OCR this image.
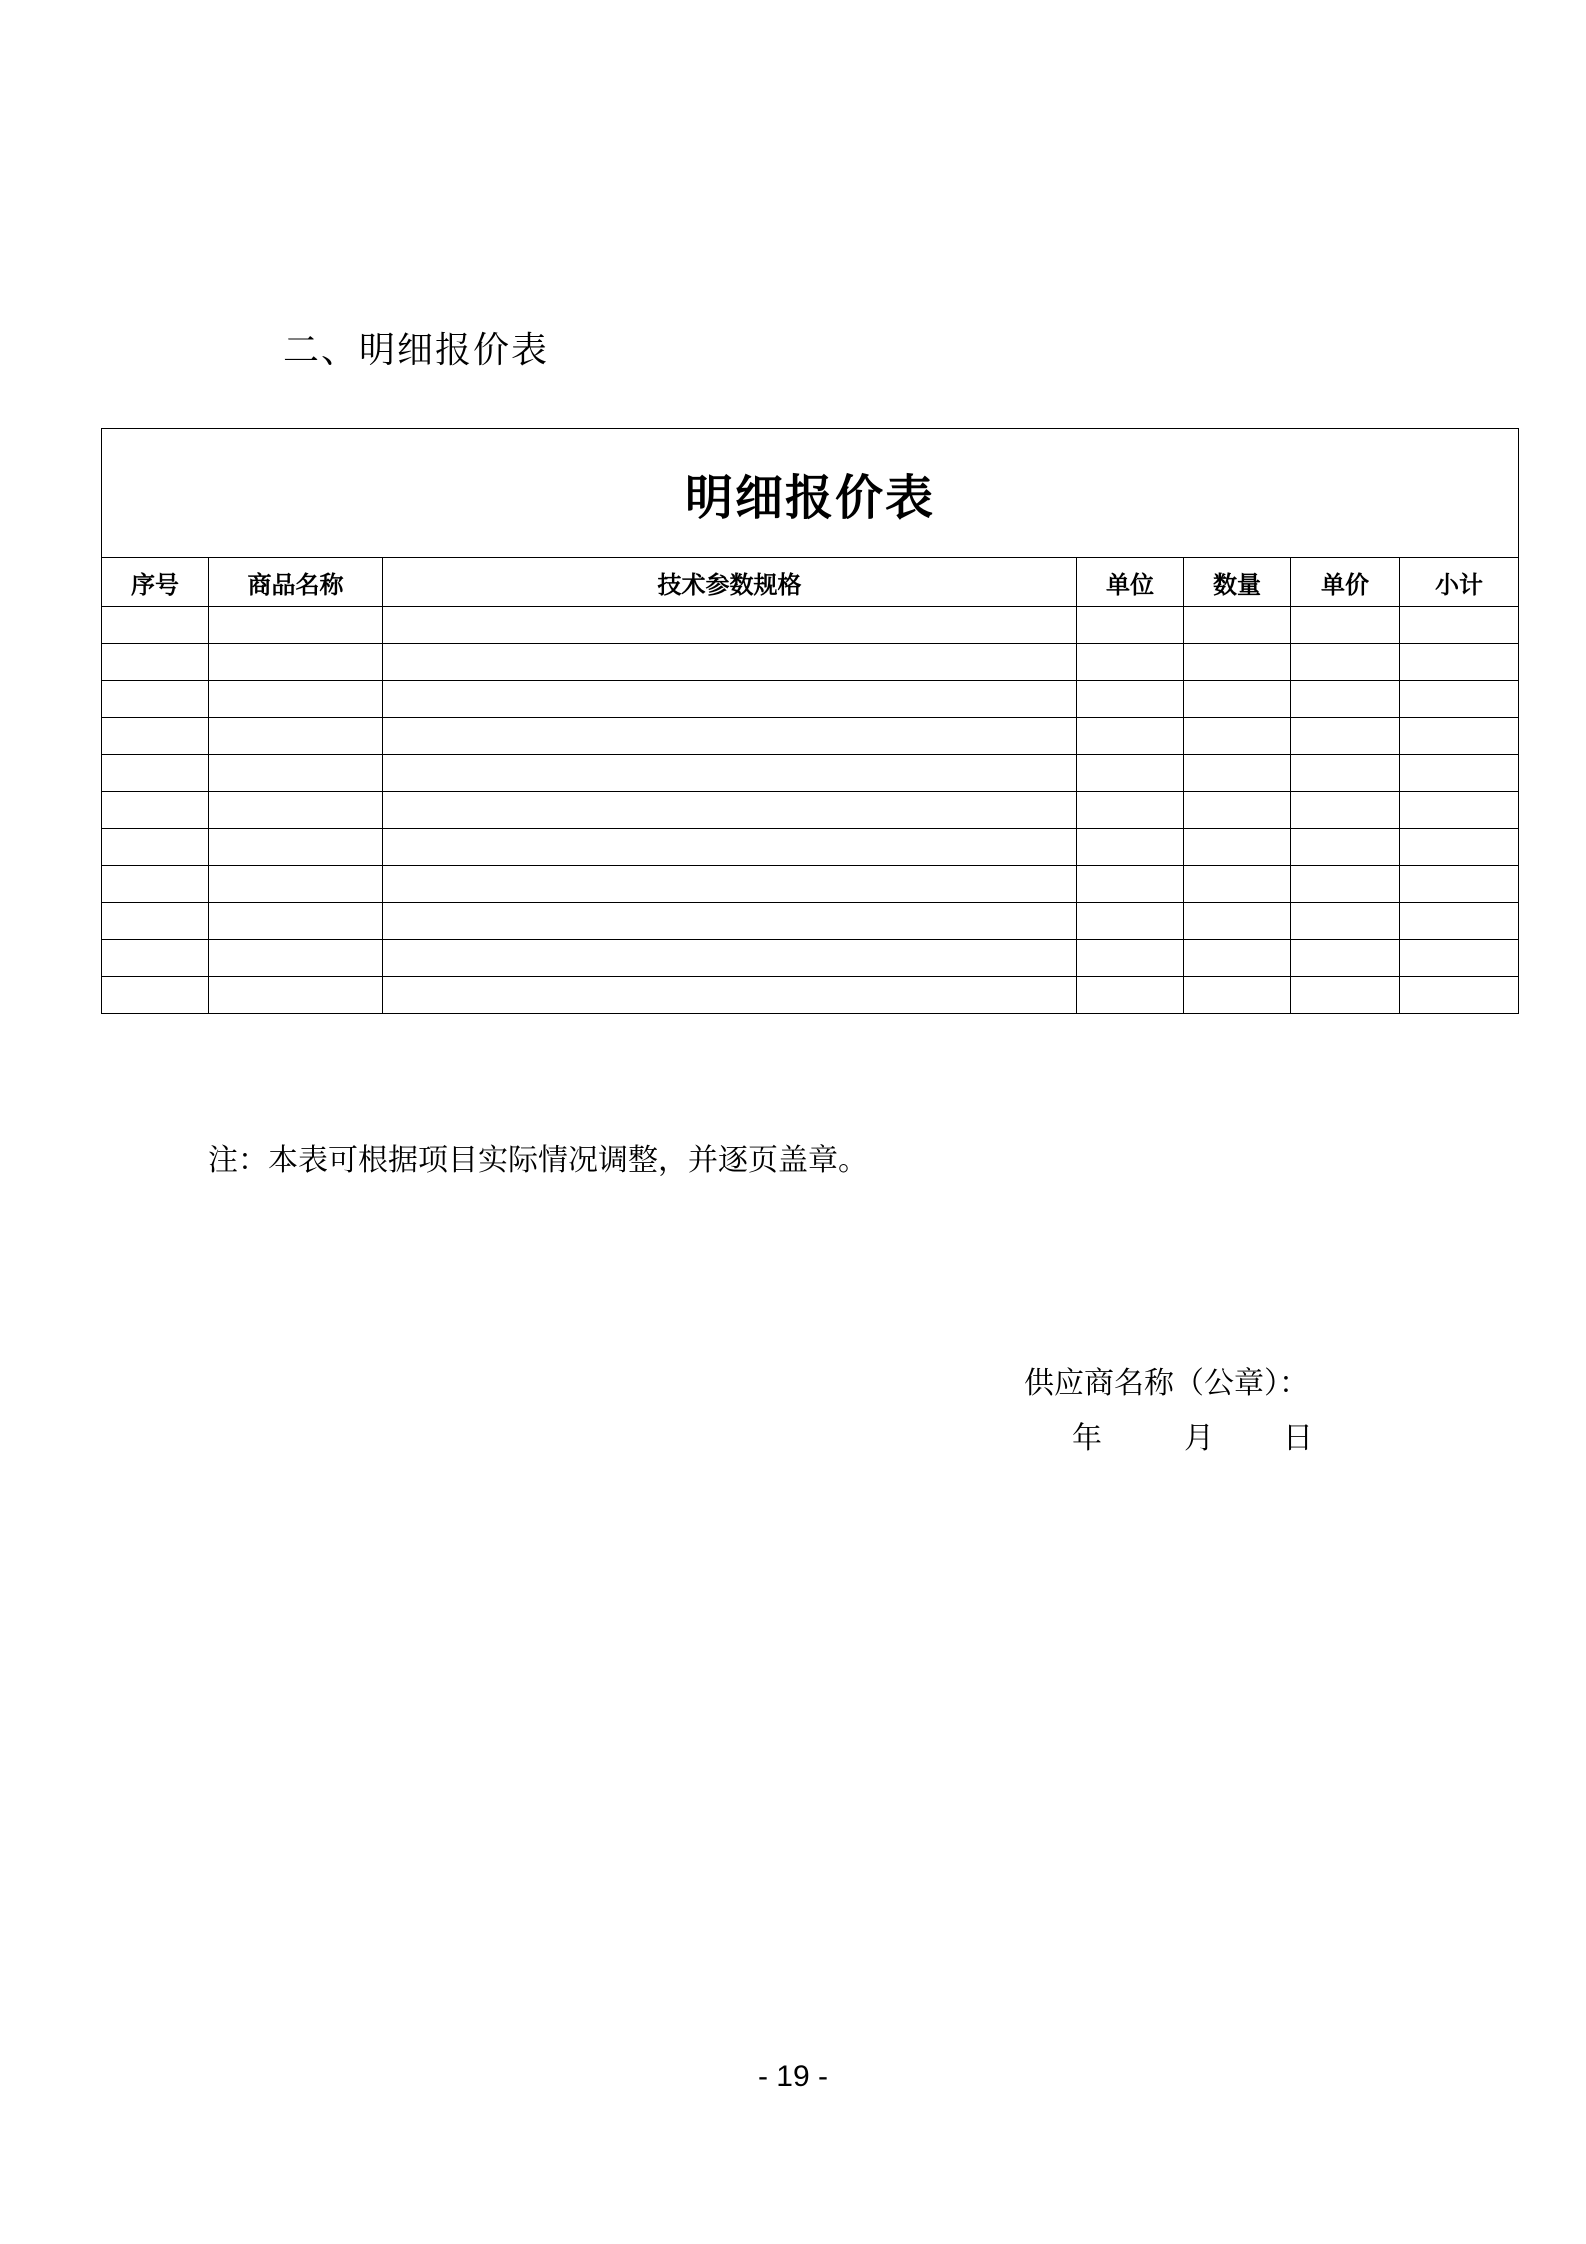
二、明细报价表
明细报价表						
序号	商品名称	技术参数规格	单位	数量	单价	小计

注：本表可根据项目实际情况调整，并逐页盖章。
供应商名称（公章）：
年	月 日
- 19 -
